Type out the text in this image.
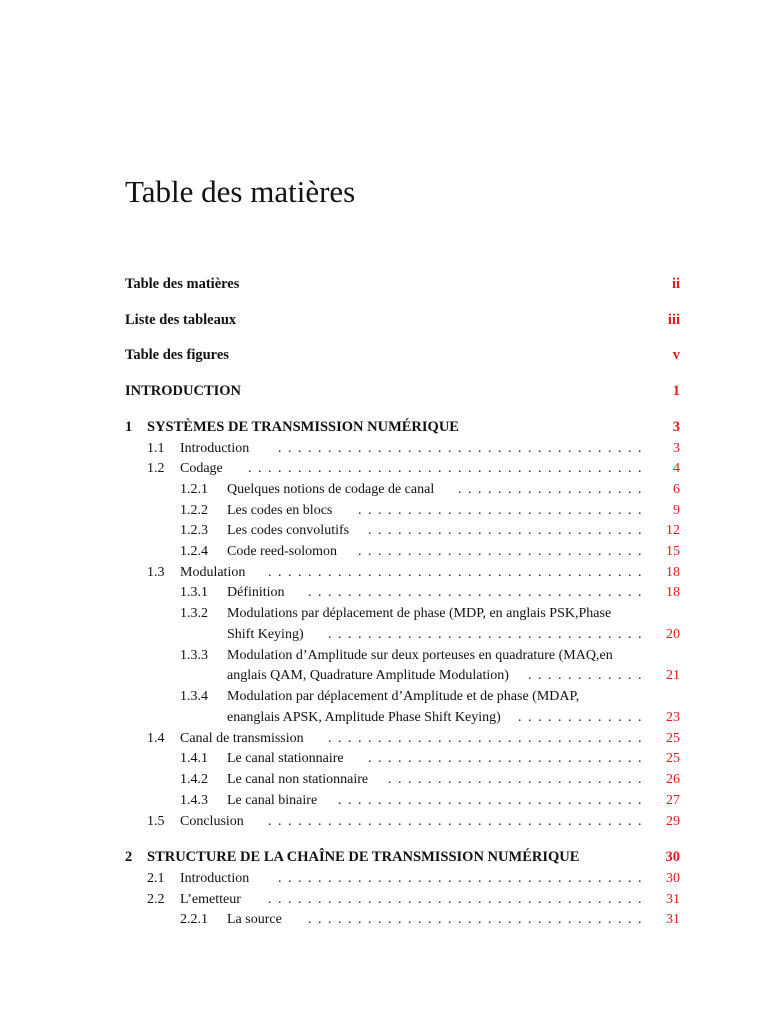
Table des matières
Table des matières	ii
Liste des tableaux	iii
Table des figures	v
INTRODUCTION	1
1 SYSTÈMES DE TRANSMISSION NUMÉRIQUE	3
1.1 Introduction	..................................... 3
1.2 Codage	........................................ 4
1.2.1 Quelques notions de codage de canal	................... 6
1.2.2 Les codes en blocs	............................. 9
1.2.3 Les codes convolutifs	............................ 12
1.2.4 Code reed-solomon	............................. 15
1.3 Modulation	...................................... 18
1.3.1 Définition	.................................. 18
1.3.2 Modulations par déplacement de phase (MDP, en anglais PSK,Phase
Shift Keying)	................................ 20
1.3.3 Modulation d’Amplitude sur deux porteuses en quadrature (MAQ,en
anglais QAM, Quadrature Amplitude Modulation)	............ 21
1.3.4 Modulation par déplacement d’Amplitude et de phase (MDAP,
enanglais APSK, Amplitude Phase Shift Keying)	............. 23
1.4 Canal de transmission	................................ 25
1.4.1 Le canal stationnaire	............................ 25
1.4.2 Le canal non stationnaire	.......................... 26
1.4.3 Le canal binaire	............................... 27
1.5 Conclusion	...................................... 29
2 STRUCTURE DE LA CHAÎNE DE TRANSMISSION NUMÉRIQUE	30
2.1 Introduction	..................................... 30
2.2 L’emetteur	...................................... 31
2.2.1 La source	.................................. 31
